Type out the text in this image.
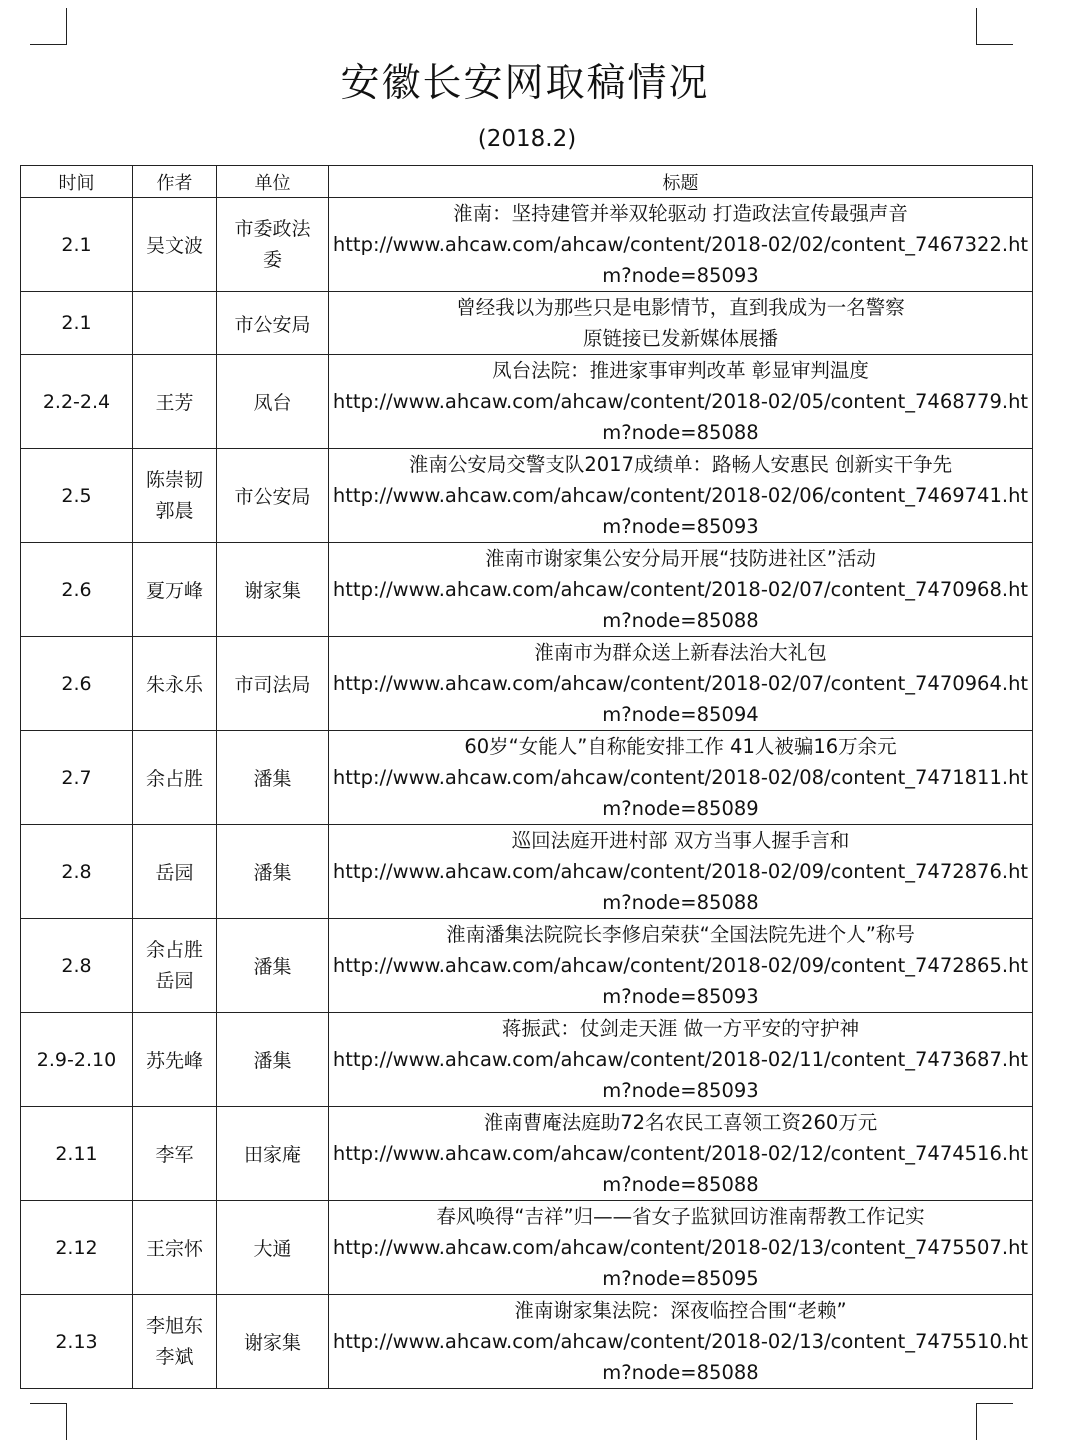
安徽长安网取稿情况
(2018.2)
时间	作者	单位	标题
2.1	吴文波	市委政法委	淮南：坚持建管并举双轮驱动 打造政法宣传最强声音
http://www.ahcaw.com/ahcaw/content/2018-02/02/content_7467322.htm?node=85093

2.1		市公安局	曾经我以为那些只是电影情节，直到我成为一名警察
原链接已发新媒体展播

2.2-2.4	王芳	凤台	凤台法院：推进家事审判改革 彰显审判温度
http://www.ahcaw.com/ahcaw/content/2018-02/05/content_7468779.htm?node=85088

2.5	陈崇韧郭晨	市公安局	淮南公安局交警支队2017成绩单：路畅人安惠民 创新实干争先
http://www.ahcaw.com/ahcaw/content/2018-02/06/content_7469741.htm?node=85093

2.6	夏万峰	谢家集	淮南市谢家集公安分局开展“技防进社区”活动
http://www.ahcaw.com/ahcaw/content/2018-02/07/content_7470968.htm?node=85088

2.6	朱永乐	市司法局	淮南市为群众送上新春法治大礼包
http://www.ahcaw.com/ahcaw/content/2018-02/07/content_7470964.htm?node=85094

2.7	余占胜	潘集	60岁“女能人”自称能安排工作 41人被骗16万余元
http://www.ahcaw.com/ahcaw/content/2018-02/08/content_7471811.htm?node=85089

2.8	岳园	潘集	巡回法庭开进村部 双方当事人握手言和
http://www.ahcaw.com/ahcaw/content/2018-02/09/content_7472876.htm?node=85088

2.8	余占胜岳园	潘集	淮南潘集法院院长李修启荣获“全国法院先进个人”称号
http://www.ahcaw.com/ahcaw/content/2018-02/09/content_7472865.htm?node=85093

2.9-2.10	苏先峰	潘集	蒋振武：仗剑走天涯 做一方平安的守护神
http://www.ahcaw.com/ahcaw/content/2018-02/11/content_7473687.htm?node=85093

2.11	李军	田家庵	淮南曹庵法庭助72名农民工喜领工资260万元
http://www.ahcaw.com/ahcaw/content/2018-02/12/content_7474516.htm?node=85088

2.12	王宗怀	大通	春风唤得“吉祥”归——省女子监狱回访淮南帮教工作记实
http://www.ahcaw.com/ahcaw/content/2018-02/13/content_7475507.htm?node=85095

2.13	李旭东李斌	谢家集	淮南谢家集法院：深夜临控合围“老赖”
http://www.ahcaw.com/ahcaw/content/2018-02/13/content_7475510.htm?node=85088
